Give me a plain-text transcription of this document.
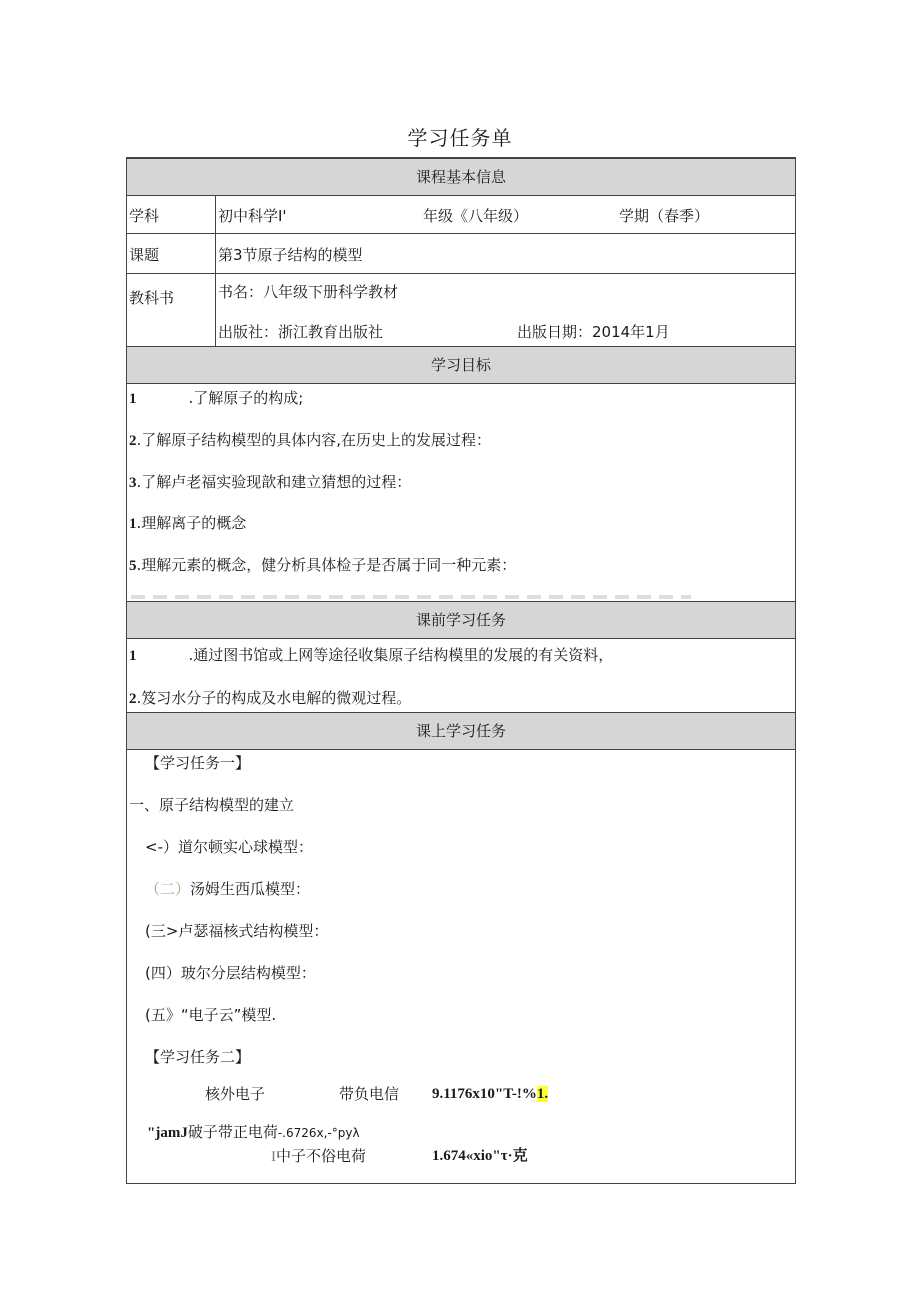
学习任务单
课程基本信息
学科	初中科学I'	年级《八年级）	学期（春季）
课题	第3节原子结构的模型
教科书	书名：八年级下册科学教材
出版社：浙江教育出版社	出版日期：2014年1月
学习目标
1	.了解原子的构成;
2.了解原子结构模型的具体内容,在历史上的发展过程：
3.了解卢老福实验现歆和建立猜想的过程：
1.理解离子的概念
5.理解元素的概念，健分析具体检子是否属于同一种元素：
课前学习任务
1	.通过图书馆或上网等途径收集原子结构模里的发展的有关资料，
2.笈习水分子的构成及水电解的微观过程。
课上学习任务
【学习任务一】
一、原子结构模型的建立
<-）道尔顿实心球模型：
（二）汤姆生西瓜模型：
(三>卢瑟福核式结构模型：
(四）玻尔分层结构模型：
(五》“电子云”模型.
【学习任务二】
核外电子	带负电信 9.1176x10"T-!%1.
"jamJ破子带正电荷-.6726x,-°pyλ
I中子不俗电荷	1.674«xio"τ·克
